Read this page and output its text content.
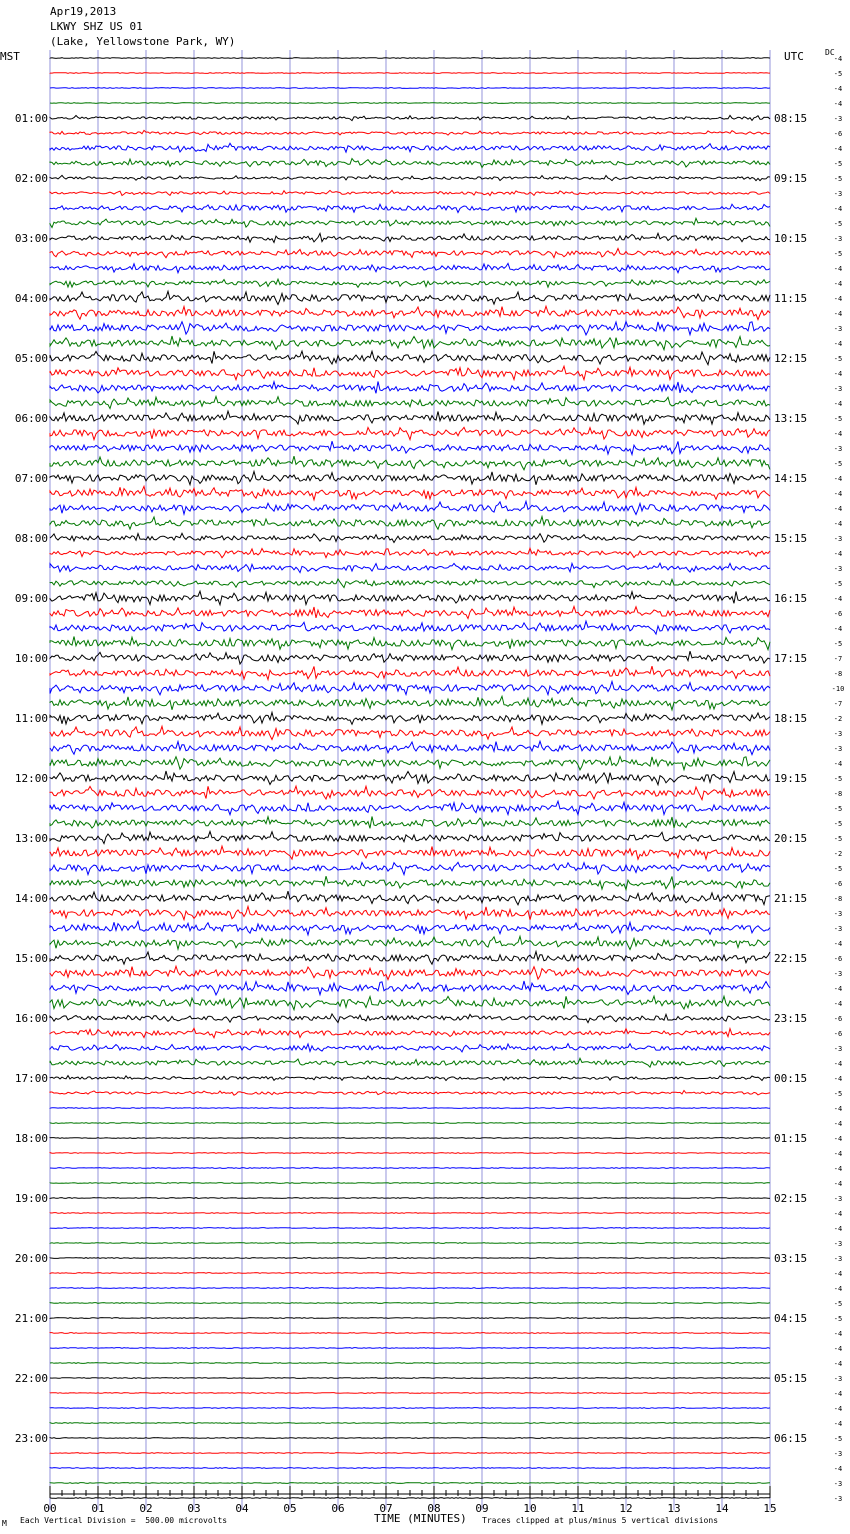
Apr19,2013
LKWY SHZ US 01
(Lake, Yellowstone Park, WY)
MST	UTC	DC
-4
-5
-4
-4
-3
-6
-4
-5
-5
-3
-4
-5
-3
-5
-4
-4
-4
-4
-3
-4
-5
-4
-3
-4
-5
-4
-3
-5
-4
-4
-4
-4
-3
-4
-3
-5
-4
-6
-4
-5
-7
-8
-10
-7
-2
-3
-3
-4
-5
-8
-5
-5
-5
-2
-5
-6
-8
-3
-3
-4
-6
-3
-4
-4
-6
-6
-3
-4
-4
-5
-4
-4
-4
-4
-4
-4
-3
-4
-4
-3
-3
-4
-4
-5
-5
-4
-4
-4
-3
-4
-4
-4
-5
-3
-4
-3
-3
01:00
02:00
03:00
04:00
05:00
06:00
07:00
08:00
09:00
10:00
11:00
12:00
13:00
14:00
15:00
16:00
17:00
18:00
19:00
20:00
21:00
22:00
23:00
08:15
09:15
10:15
11:15
12:15
13:15
14:15
15:15
16:15
17:15
18:15
19:15
20:15
21:15
22:15
23:15
00:15
01:15
02:15
03:15
04:15
05:15
06:15
00	01	02	03	04	05	06	07	08	09	10	11	12	13	14	15
M Each Vertical Division =  500.00 microvolts	TIME (MINUTES) Traces clipped at plus/minus 5 vertical divisions
